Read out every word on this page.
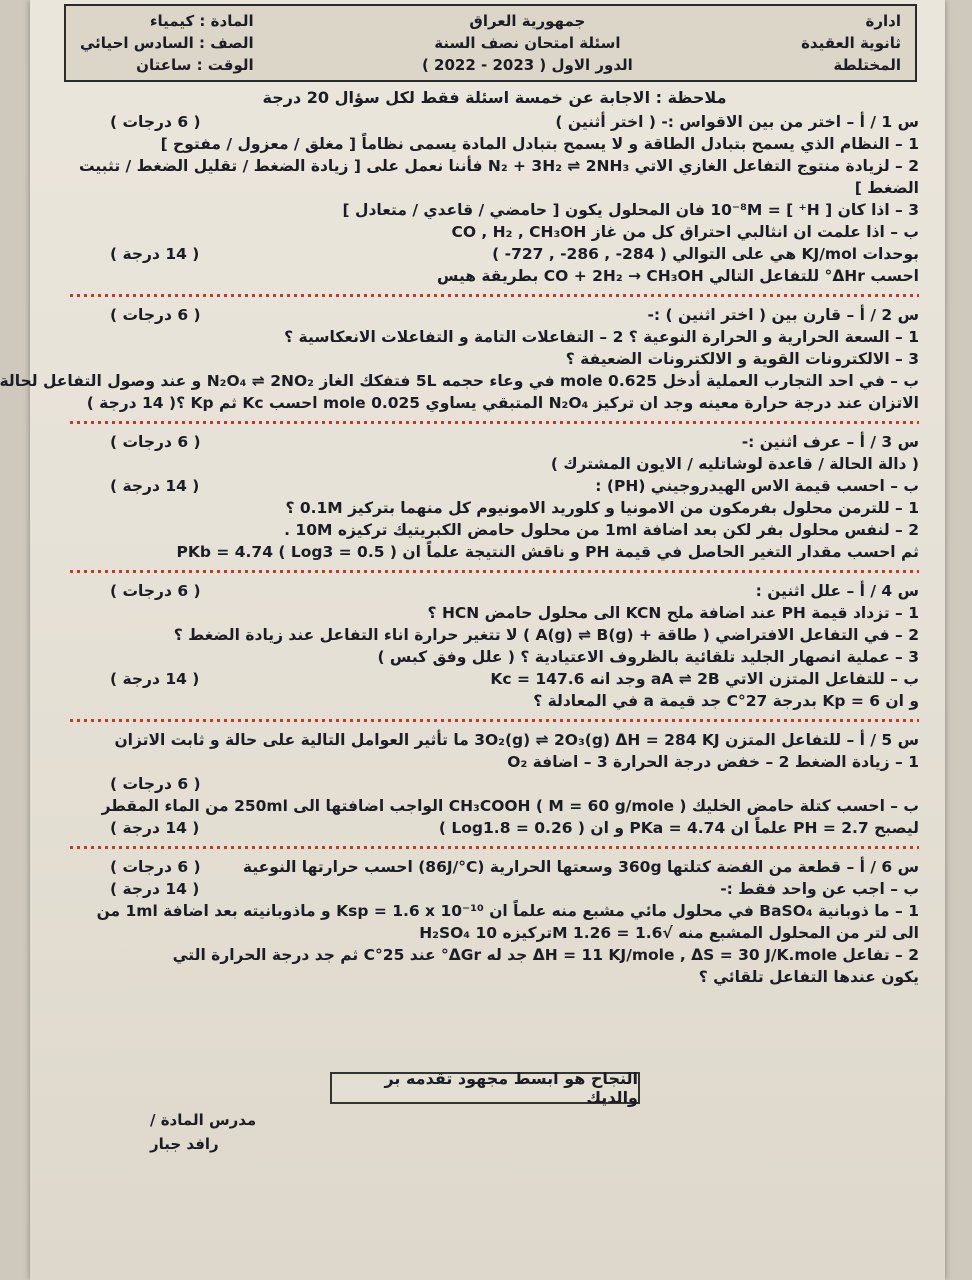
ادارة
ثانوية العقيدة
المختلطة
جمهورية العراق
اسئلة امتحان نصف السنة
الدور الاول ( 2023 - 2022 )
المادة : كيمياء
الصف : السادس احيائي
الوقت : ساعتان
ملاحظة : الاجابة عن خمسة اسئلة فقط لكل سؤال 20 درجة
س 1 / أ – اختر من بين الاقواس :- ( اختر أثنين )
( 6 درجات )
1 – النظام الذي يسمح بتبادل الطاقة و لا يسمح بتبادل المادة يسمى نظاماً [ مغلق / معزول / مفتوح ]
2 – لزيادة منتوج التفاعل الغازي الاتي N₂ + 3H₂ ⇌ 2NH₃ فأننا نعمل على [ زيادة الضغط / تقليل الضغط / تثبيت
الضغط ]
3 – اذا كان [ H⁺ ] = 10⁻⁸M فان المحلول يكون [ حامضي / قاعدي / متعادل ]
ب – اذا علمت ان انثالبي احتراق كل من غاز CO , H₂ , CH₃OH
بوحدات KJ/mol هي على التوالي ( 284- , 286- , 727- )
( 14 درجة )
احسب ΔHr° للتفاعل التالي CO + 2H₂ → CH₃OH بطريقة هيس
س 2 / أ – قارن بين ( اختر اثنين ) :-
( 6 درجات )
1 – السعة الحرارية و الحرارة النوعية ؟ 2 – التفاعلات التامة و التفاعلات الانعكاسية ؟
3 – الالكترونات القوية و الالكترونات الضعيفة ؟
ب – في احد التجارب العملية أدخل 0.625 mole في وعاء حجمه 5L فتفكك الغاز N₂O₄ ⇌ 2NO₂ و عند وصول التفاعل لحالة
الاتزان عند درجة حرارة معينه وجد ان تركيز N₂O₄ المتبقي يساوي 0.025 mole احسب Kc ثم Kp ؟
( 14 درجة )
س 3 / أ – عرف اثنين :-
( 6 درجات )
( دالة الحالة / قاعدة لوشاتليه / الايون المشترك )
ب – احسب قيمة الاس الهيدروجيني (PH) :
( 14 درجة )
1 – للترمن محلول بفرمكون من الامونيا و كلوريد الامونيوم كل منهما بتركيز 0.1M ؟
2 – لنفس محلول بفر لكن بعد اضافة 1ml من محلول حامض الكبريتيك تركيزه 10M .
ثم احسب مقدار التغير الحاصل في قيمة PH و ناقش النتيجة علماً ان PKb = 4.74 ( Log3 = 0.5 )
س 4 / أ – علل اثنين :
( 6 درجات )
1 – تزداد قيمة PH عند اضافة ملح KCN الى محلول حامض HCN ؟
2 – في التفاعل الافتراضي ( طاقة + A(g) ⇌ B(g) ) لا تتغير حرارة اناء التفاعل عند زيادة الضغط ؟
3 – عملية انصهار الجليد تلقائية بالظروف الاعتيادية ؟ ( علل وفق كبس )
ب – للتفاعل المتزن الاتي aA ⇌ 2B وجد انه Kc = 147.6
( 14 درجة )
و ان Kp = 6 بدرجة 27°C جد قيمة a في المعادلة ؟
س 5 / أ – للتفاعل المتزن 3O₂(g) ⇌ 2O₃(g) ΔH = 284 KJ ما تأثير العوامل التالية على حالة و ثابت الاتزان
1 – زيادة الضغط 2 – خفض درجة الحرارة 3 – اضافة O₂
( 6 درجات )
ب – احسب كتلة حامض الخليك CH₃COOH ( M = 60 g/mole ) الواجب اضافتها الى 250ml من الماء المقطر
ليصبح PH = 2.7 علماً ان PKa = 4.74 و ان ( Log1.8 = 0.26 )
( 14 درجة )
س 6 / أ – قطعة من الفضة كتلتها 360g وسعتها الحرارية (86J/°C) احسب حرارتها النوعية
( 6 درجات )
ب – اجب عن واحد فقط :-
( 14 درجة )
1 – ما ذوبانية BaSO₄ في محلول مائي مشبع منه علماً ان Ksp = 1.6 x 10⁻¹⁰ و ماذوبانيته بعد اضافة 1ml من
H₂SO₄ تركيزه 10M الى لتر من المحلول المشبع منه √1.6 = 1.26
2 – تفاعل ΔH = 11 KJ/mole , ΔS = 30 J/K.mole جد له ΔGr° عند 25°C ثم جد درجة الحرارة التي
يكون عندها التفاعل تلقائي ؟
النجاح هو ابسط مجهود تقدمه بر والديك
مدرس المادة /
رافد جبار
